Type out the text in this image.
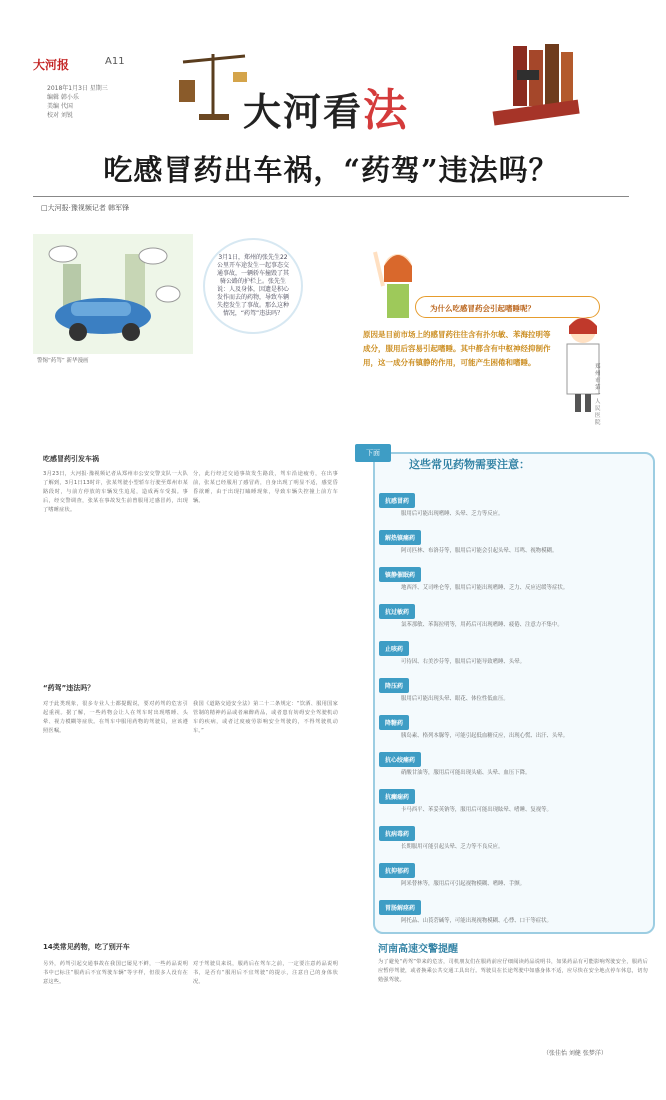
大河报	A11
2018年1月3日 星期三
编辑 韩小乐
美编 代国
校对 刘锐	大河看法
吃感冒药出车祸，“药驾”违法吗？
□大河报·豫视频记者 韩军锋
警惕“药驾” 新华漫画
3月1日，郑州的张先生22公里开车途发生一起事态交通事故，一辆轿车撞毁了其骑公路的护栏上。张先生说：人及身体，因遗是积心发作而去的药物，导致车辆失控发生了事故。那么这种情况，“药驾”违法吗？
为什么吃感冒药会引起嗜睡呢？
原因是目前市场上的感冒药往往含有扑尔敏、苯海拉明等成分，服用后容易引起嗜睡。其中都含有中枢神经抑制作用，这一成分有镇静的作用，可能产生困倦和嗜睡。	郑州市第一人民医院
吃感冒药引发车祸
3月23日，大河报·豫视频记者从郑州市公安交警支队一大队了解到，3月1日13时许，张某驾驶小型轿车行驶至郑州市某路段时，与前方停放的车辆发生追尾，造成两车受损。事后，经交警调查，张某在事故发生前曾服用过感冒药，出现了嗜睡症状。
分，此行经过交通事故发生路段，驾车沿途疲劳，在出事前，张某已经服用了感冒药，自身出现了明显不适，感觉昏昏欲睡，由于出现打瞌睡现象，导致车辆失控撞上前方车辆。
“药驾”违法吗？
对于此类现象，很多专业人士都提醒说，要对药驾的危害引起重视。据了解，一些药物会让人在驾车时出现嗜睡、头晕、视力模糊等症状。在驾车中服用药物的驾驶员，应该遵照医嘱。
我国《道路交通安全法》第二十二条规定：“饮酒、服用国家管制的精神药品或者麻醉药品，或者患有妨碍安全驾驶机动车的疾病，或者过度疲劳影响安全驾驶的，不得驾驶机动车。”
14类常见药物，吃了别开车
另外，药驾引起交通事故在我国已屡见不鲜，一些药品说明书中已标注“服药后不宜驾驶车辆”等字样，但很多人没有在意这些。
对于驾驶员来说，服药后在驾车之前，一定要注意药品说明书，是否有“服用后不宜驾驶”的提示，注意自己的身体状况。
下面
这些常见药物需要注意：
抗感冒药
服用后可能出现嗜睡、头晕、乏力等反应。
解热镇痛药
阿司匹林、布洛芬等，服用后可能会引起头晕、耳鸣、视物模糊。
镇静催眠药
地西泮、艾司唑仑等，服用后可能出现嗜睡、乏力、反应迟缓等症状。
抗过敏药
氯苯那敏、苯海拉明等，用药后可出现嗜睡、疲倦、注意力不集中。
止咳药
可待因、右美沙芬等，服用后可能导致嗜睡、头晕。
降压药
服用后可能出现头晕、眼花、体位性低血压。
降糖药
胰岛素、格列本脲等，可能引起低血糖反应，出现心慌、出汗、头晕。
抗心绞痛药
硝酸甘油等，服用后可能出现头痛、头晕、血压下降。
抗癫痫药
卡马西平、苯妥英钠等，服用后可能出现眩晕、嗜睡、复视等。
抗病毒药
长期服用可能引起头晕、乏力等不良反应。
抗抑郁药
阿米替林等，服用后可引起视物模糊、嗜睡、手颤。
胃肠解痉药
阿托品、山莨菪碱等，可能出现视物模糊、心悸、口干等症状。
河南高速交警提醒
为了避免“药驾”带来的危害，司机朋友们在服药前应仔细阅读药品说明书，如果药品有可能影响驾驶安全，服药后应暂停驾驶，或者换乘公共交通工具出行。驾驶员在长途驾驶中如感身体不适，应尽快在安全地点停车休息，切勿勉强驾驶。
（张佳怡 刘健 张梦洋）
